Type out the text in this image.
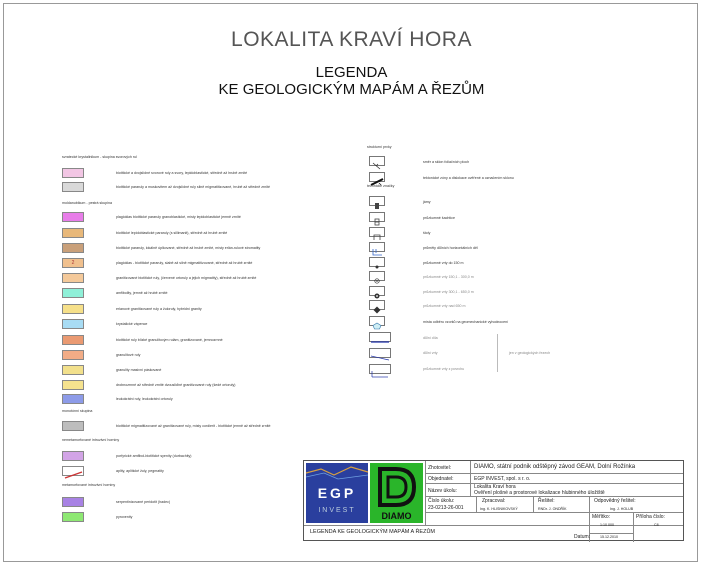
LOKALITA KRAVÍ HORA
LEGENDA
KE GEOLOGICKÝM MAPÁM A ŘEZŮM
svratecké krystalinikum - skupina svorových rul
biotitické a dvojslídné svorové ruly a svory, lepidoblastické, středně až hrubě zrnité
biotitické pararuly a muskovitem až dvojslídné ruly silně migmatitizované, hrubě až středně zrnité
moldanubikum - pestrá skupina
plagioklas biotitické pararuly granoblastické, místy lepidoblastické jemně zrnité
biotitické lepidoblastické pararuly (s sillimanit), středně až hrubě zrnité
biotitické pararuly, lokálně úplkované, středně až hrubě zrnité, místy erlán-rulové stromatity
2	plagioklas - biotitické pararuly, slabě až silně migmatitizované, středně až hrubě zrnité
granitizované biotitické ruly, (červené ortoruly a jejich migmatity), středně až hrubě zrnité
amfibolity, jemně až hrubě zrnité
erlanové granitizované ruly a žuloruly, hybridní granity
krystalické vápence
biotitické ruly blízké granulitovým rulám, granitizované, jemnozrnné
granulitové ruly
granulity masivní páskované
drobnozrnné až středně zrnité dvousliďné granitizované ruly (šedé ortoruly)
leukokrátní ruly, leukokrátní ortoruly
monotónní skupina
biotitické migmatitizované až granitizované ruly, místy cordierit - biotitické jemně až středně zrnité
nemetamorfované intruzivní horniny
porfyrické amfibol-biotitické syenity (durbachity)
aplity, aplitické žuly, pegmatity
metamorfované intruzivní horniny
serpentinizované peridotit (hadec)
pyroxenity
strukturní prvky
směr a sklon foliačních ploch
tektonické zóny a dislokace ověřené a označením sklonu
technické značky
jámy
průzkumné šachtice
štoly
průměty důlních horizontálních děl
průzkumné vrty do 150 m
průzkumné vrty 150,1 - 300,0 m
průzkumné vrty 300,1 - 650,0 m
průzkumné vrty nad 650 m
místa odběru vzorků na geomechanické vyhodnocení
důlní díla
důlní vrty
průzkumné vrty z povrchu
jen v geologických řezech
EGP
INVEST
DIAMO
Zhotovitel:	DIAMO, státní podnik odštěpný závod GEAM, Dolní Rožínka
Objednatel:	EGP INVEST, spol. s r. o.
Název úkolu:
Lokalita Kraví hora
Ověření plošné a prostorové lokalizace hlubinného úložiště
Číslo úkolu:
23-0213-26-001
Zpracoval:
Ing. K. HLISNIKOVSKÝ
Řešitel:
RNDr. J. ONDŘÍK
Odpovědný řešitel:
Ing. J. HOLUB
Měřítko:
1:10 000
Příloha číslo:
C8
Datum:	15.12.2010
LEGENDA KE GEOLOGICKÝM MAPÁM A ŘEZŮM
